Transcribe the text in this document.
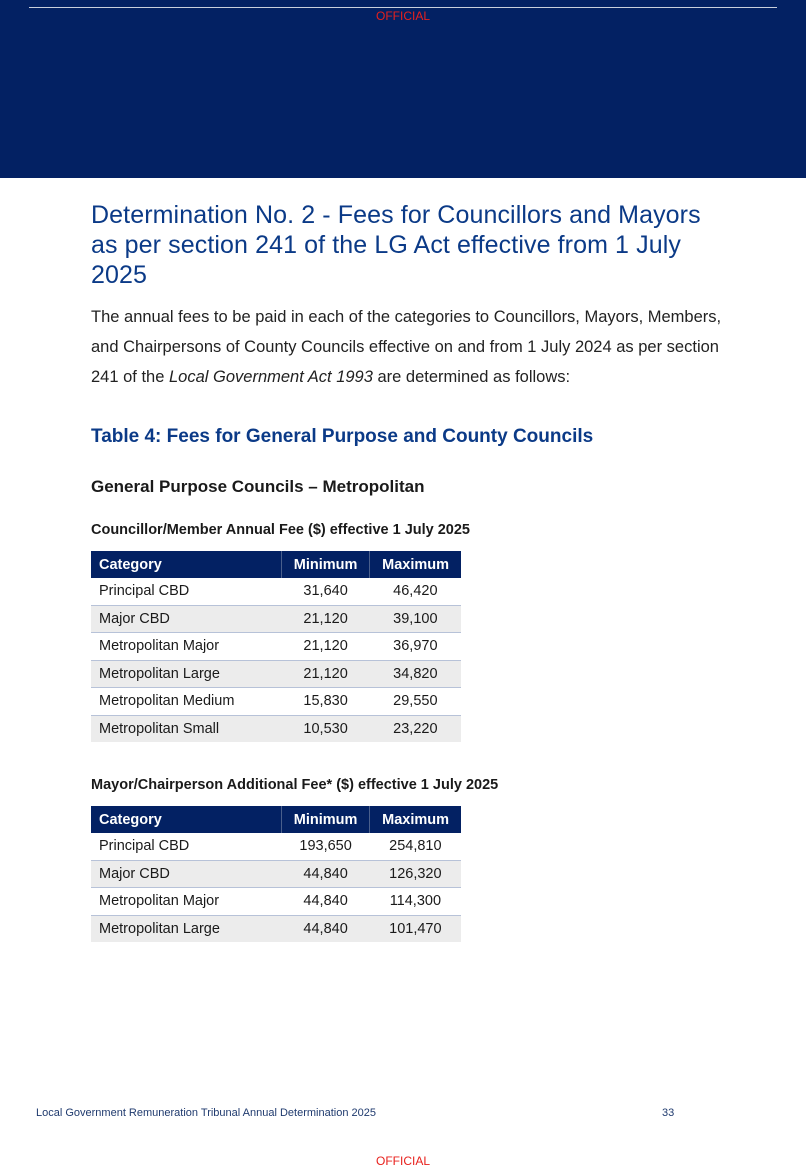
OFFICIAL
Determination No. 2 - Fees for Councillors and Mayors as per section 241 of the LG Act effective from 1 July 2025

The annual fees to be paid in each of the categories to Councillors, Mayors, Members, and Chairpersons of County Councils effective on and from 1 July 2024 as per section 241 of the Local Government Act 1993 are determined as follows:

Table 4: Fees for General Purpose and County Councils
General Purpose Councils – Metropolitan
Councillor/Member Annual Fee ($) effective 1 July 2025
Category	Minimum	Maximum
Principal CBD	31,640	46,420
Major CBD	21,120	39,100
Metropolitan Major	21,120	36,970
Metropolitan Large	21,120	34,820
Metropolitan Medium	15,830	29,550
Metropolitan Small	10,530	23,220
Mayor/Chairperson Additional Fee* ($) effective 1 July 2025
Category	Minimum	Maximum
Principal CBD	193,650	254,810
Major CBD	44,840	126,320
Metropolitan Major	44,840	114,300
Metropolitan Large	44,840	101,470
Local Government Remuneration Tribunal Annual Determination 2025	33
OFFICIAL
